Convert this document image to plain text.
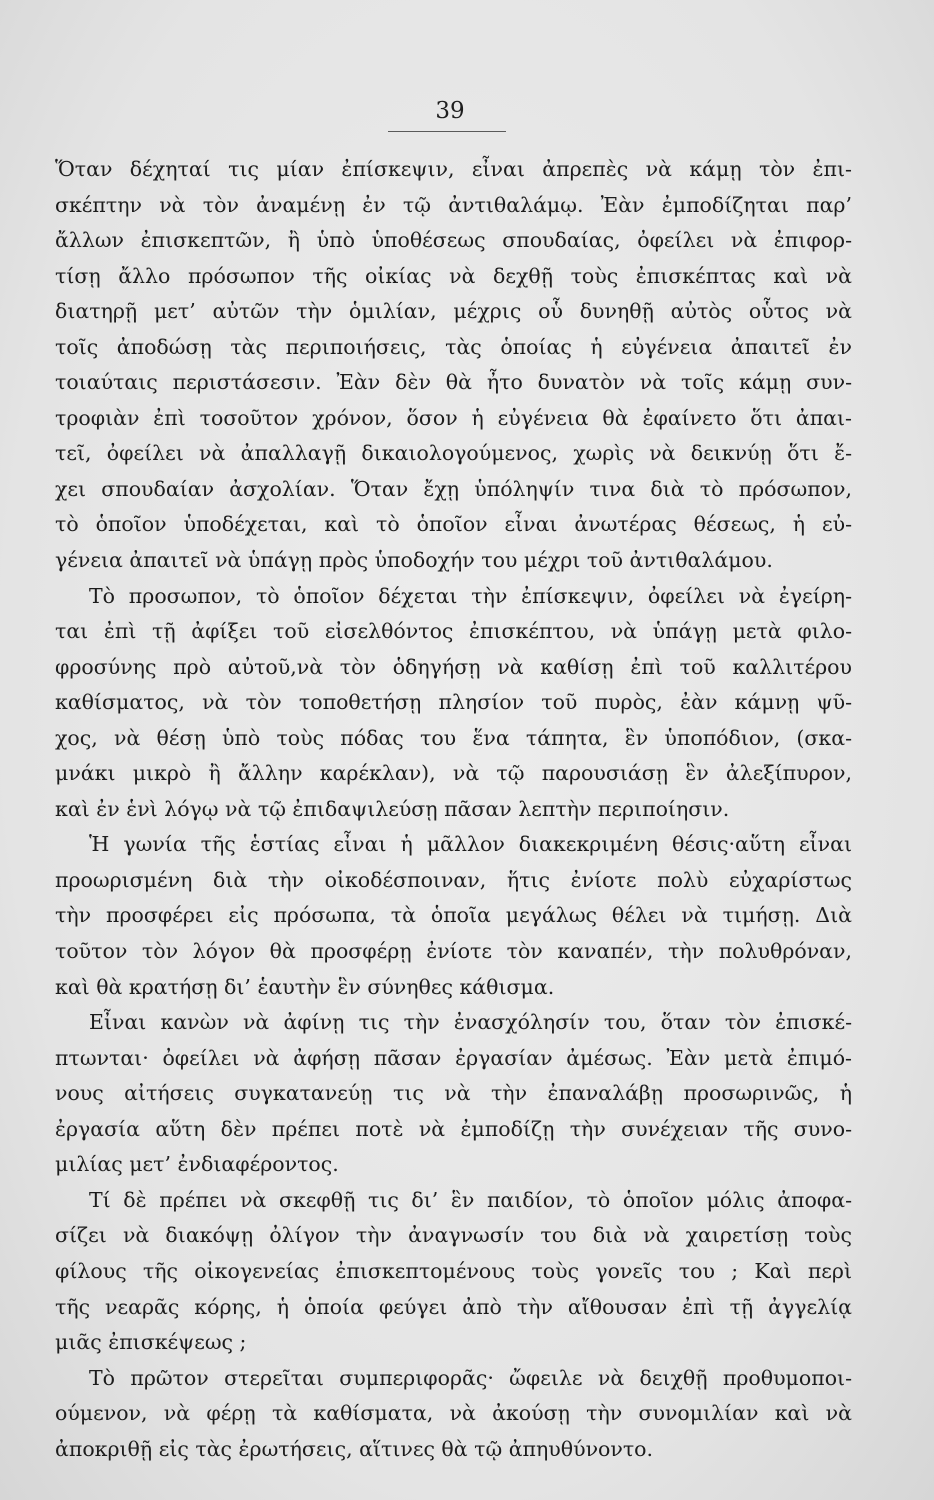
39
Ὅταν δέχηταί τις μίαν ἐπίσκεψιν, εἶναι ἀπρεπὲς νὰ κάμῃ τὸν ἐπι-
σκέπτην νὰ τὸν ἀναμένῃ ἐν τῷ ἀντιθαλάμῳ. Ἐὰν ἐμποδίζηται παρ’
ἄλλων ἐπισκεπτῶν, ἢ ὑπὸ ὑποθέσεως σπουδαίας, ὀφείλει νὰ ἐπιφορ-
τίσῃ ἄλλο πρόσωπον τῆς οἰκίας νὰ δεχθῇ τοὺς ἐπισκέπτας καὶ νὰ
διατηρῇ μετ’ αὐτῶν τὴν ὁμιλίαν, μέχρις οὗ δυνηθῇ αὐτὸς οὗτος νὰ
τοῖς ἀποδώσῃ τὰς περιποιήσεις, τὰς ὁποίας ἡ εὐγένεια ἀπαιτεῖ ἐν
τοιαύταις περιστάσεσιν. Ἐὰν δὲν θὰ ἦτο δυνατὸν νὰ τοῖς κάμῃ συν-
τροφιὰν ἐπὶ τοσοῦτον χρόνον, ὅσον ἡ εὐγένεια θὰ ἐφαίνετο ὅτι ἀπαι-
τεῖ, ὀφείλει νὰ ἀπαλλαγῇ δικαιολογούμενος, χωρὶς νὰ δεικνύῃ ὅτι ἔ-
χει σπουδαίαν ἀσχολίαν. Ὅταν ἔχῃ ὑπόληψίν τινα διὰ τὸ πρόσωπον,
τὸ ὁποῖον ὑποδέχεται, καὶ τὸ ὁποῖον εἶναι ἀνωτέρας θέσεως, ἡ εὐ-
γένεια ἀπαιτεῖ νὰ ὑπάγῃ πρὸς ὑποδοχήν του μέχρι τοῦ ἀντιθαλάμου.
Τὸ προσωπον, τὸ ὁποῖον δέχεται τὴν ἐπίσκεψιν, ὀφείλει νὰ ἐγείρη-
ται ἐπὶ τῇ ἀφίξει τοῦ εἰσελθόντος ἐπισκέπτου, νὰ ὑπάγῃ μετὰ φιλο-
φροσύνης πρὸ αὐτοῦ,νὰ τὸν ὁδηγήσῃ νὰ καθίσῃ ἐπὶ τοῦ καλλιτέρου
καθίσματος, νὰ τὸν τοποθετήσῃ πλησίον τοῦ πυρὸς, ἐὰν κάμνῃ ψῦ-
χος, νὰ θέσῃ ὑπὸ τοὺς πόδας του ἕνα τάπητα, ἓν ὑποπόδιον, (σκα-
μνάκι μικρὸ ἢ ἄλλην καρέκλαν), νὰ τῷ παρουσιάσῃ ἓν ἀλεξίπυρον,
καὶ ἐν ἑνὶ λόγῳ νὰ τῷ ἐπιδαψιλεύσῃ πᾶσαν λεπτὴν περιποίησιν.
Ἡ γωνία τῆς ἑστίας εἶναι ἡ μᾶλλον διακεκριμένη θέσις·αὕτη εἶναι
προωρισμένη διὰ τὴν οἰκοδέσποιναν, ἥτις ἐνίοτε πολὺ εὐχαρίστως
τὴν προσφέρει εἰς πρόσωπα, τὰ ὁποῖα μεγάλως θέλει νὰ τιμήσῃ. Διὰ
τοῦτον τὸν λόγον θὰ προσφέρῃ ἐνίοτε τὸν καναπέν, τὴν πολυθρόναν,
καὶ θὰ κρατήσῃ δι’ ἑαυτὴν ἓν σύνηθες κάθισμα.
Εἶναι κανὼν νὰ ἀφίνῃ τις τὴν ἐνασχόλησίν του, ὅταν τὸν ἐπισκέ-
πτωνται· ὀφείλει νὰ ἀφήσῃ πᾶσαν ἐργασίαν ἀμέσως. Ἐὰν μετὰ ἐπιμό-
νους αἰτήσεις συγκατανεύῃ τις νὰ τὴν ἐπαναλάβῃ προσωρινῶς, ἡ
ἐργασία αὕτη δὲν πρέπει ποτὲ νὰ ἐμποδίζῃ τὴν συνέχειαν τῆς συνο-
μιλίας μετ’ ἐνδιαφέροντος.
Τί δὲ πρέπει νὰ σκεφθῇ τις δι’ ἓν παιδίον, τὸ ὁποῖον μόλις ἀποφα-
σίζει νὰ διακόψῃ ὀλίγον τὴν ἀναγνωσίν του διὰ νὰ χαιρετίσῃ τοὺς
φίλους τῆς οἰκογενείας ἐπισκεπτομένους τοὺς γονεῖς του ; Καὶ περὶ
τῆς νεαρᾶς κόρης, ἡ ὁποία φεύγει ἀπὸ τὴν αἴθουσαν ἐπὶ τῇ ἀγγελίᾳ
μιᾶς ἐπισκέψεως ;
Τὸ πρῶτον στερεῖται συμπεριφορᾶς· ὤφειλε νὰ δειχθῇ προθυμοποι-
ούμενον, νὰ φέρῃ τὰ καθίσματα, νὰ ἀκούσῃ τὴν συνομιλίαν καὶ νὰ
ἀποκριθῇ εἰς τὰς ἐρωτήσεις, αἵτινες θὰ τῷ ἀπηυθύνοντο.
